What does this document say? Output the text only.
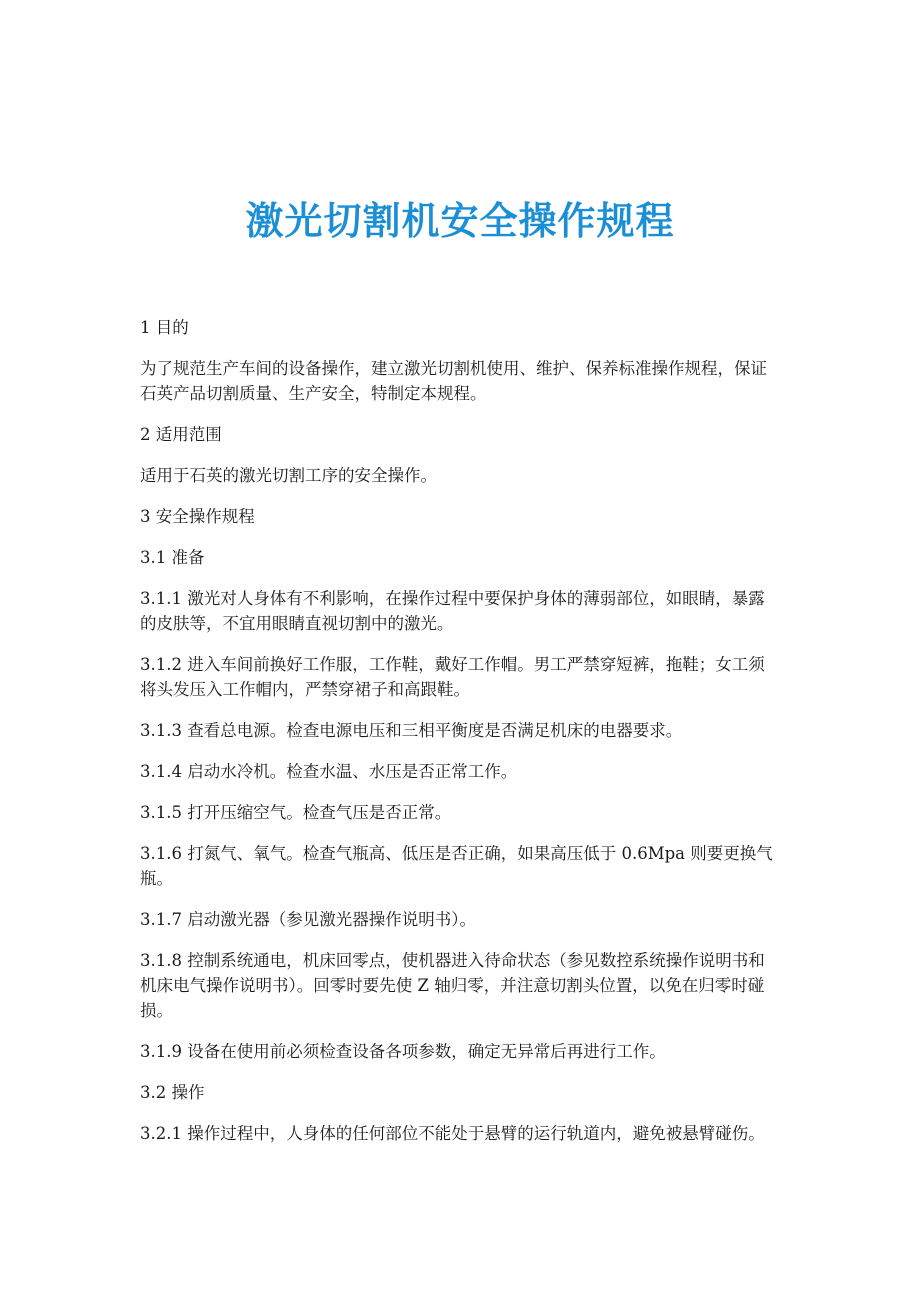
激光切割机安全操作规程

1 目的

为了规范生产车间的设备操作，建立激光切割机使用、维护、保养标准操作规程，保证石英产品切割质量、生产安全，特制定本规程。

2 适用范围

适用于石英的激光切割工序的安全操作。

3 安全操作规程

3.1 准备

3.1.1 激光对人身体有不利影响，在操作过程中要保护身体的薄弱部位，如眼睛，暴露的皮肤等，不宜用眼睛直视切割中的激光。

3.1.2 进入车间前换好工作服，工作鞋，戴好工作帽。男工严禁穿短裤，拖鞋；女工须将头发压入工作帽内，严禁穿裙子和高跟鞋。

3.1.3 查看总电源。检查电源电压和三相平衡度是否满足机床的电器要求。

3.1.4 启动水冷机。检查水温、水压是否正常工作。

3.1.5 打开压缩空气。检查气压是否正常。

3.1.6 打氮气、氧气。检查气瓶高、低压是否正确，如果高压低于 0.6Mpa 则要更换气瓶。

3.1.7 启动激光器（参见激光器操作说明书）。

3.1.8 控制系统通电，机床回零点，使机器进入待命状态（参见数控系统操作说明书和机床电气操作说明书）。回零时要先使 Z 轴归零，并注意切割头位置，以免在归零时碰损。

3.1.9 设备在使用前必须检查设备各项参数，确定无异常后再进行工作。

3.2 操作

3.2.1 操作过程中，人身体的任何部位不能处于悬臂的运行轨道内，避免被悬臂碰伤。
